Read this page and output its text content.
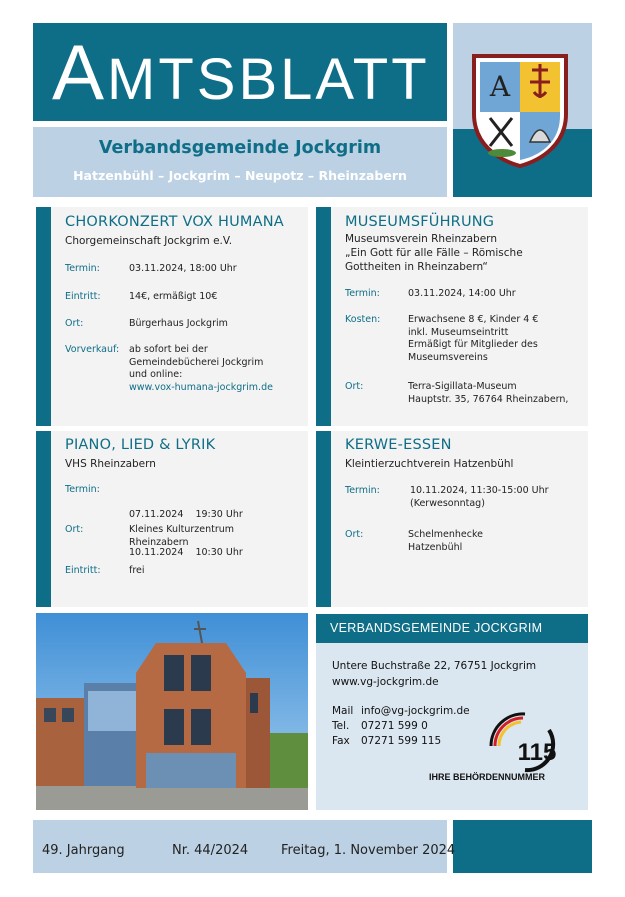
AMTSBLATT A
Verbandsgemeinde Jockgrim
Hatzenbühl – Jockgrim – Neupotz – Rheinzabern
CHORKONZERT VOX HUMANA
Chorgemeinschaft Jockgrim e.V.
Termin:	03.11.2024, 18:00 Uhr
Eintritt:	14€, ermäßigt 10€
Ort:	Bürgerhaus Jockgrim
Vorverkauf: ab sofort bei der
Gemeindebücherei Jockgrim
und online:
www.vox-humana-jockgrim.de
MUSEUMSFÜHRUNG
Museumsverein Rheinzabern
„Ein Gott für alle Fälle – Römische
Gottheiten in Rheinzabern“
Termin:	03.11.2024, 14:00 Uhr
Kosten:	Erwachsene 8 €, Kinder 4 €
inkl. Museumseintritt
Ermäßigt für Mitglieder des
Museumsvereins
Ort:	Terra-Sigillata-Museum
Hauptstr. 35, 76764 Rheinzabern,
PIANO, LIED & LYRIK
VHS Rheinzabern
Termin:

07.11.2024    19:30 Uhr

10.11.2024    10:30 Uhr

Ort:	Kleines Kulturzentrum
Rheinzabern
Eintritt:	frei
KERWE-ESSEN
Kleintierzuchtverein Hatzenbühl
Termin:	10.11.2024, 11:30-15:00 Uhr
(Kerwesonntag)
Ort:	Schelmenhecke
Hatzenbühl
VERBANDSGEMEINDE JOCKGRIM
Untere Buchstraße 22, 76751 Jockgrim
www.vg-jockgrim.de
Mail info@vg-jockgrim.de
Tel. 07271 599 0
Fax 07271 599 115	115
IHRE BEHÖRDENNUMMER
49. Jahrgang	Nr. 44/2024	Freitag, 1. November 2024
